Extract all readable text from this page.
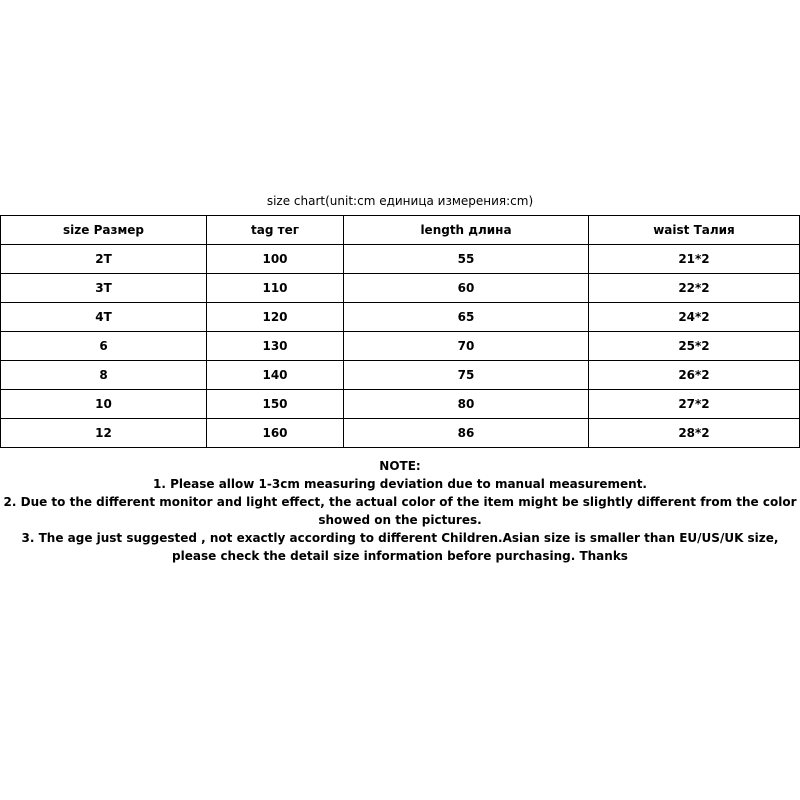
size chart(unit:cm единица измерения:cm)
size Размер	tag тег	length длина	waist Талия
2T	100	55	21*2
3T	110	60	22*2
4T	120	65	24*2
6	130	70	25*2
8	140	75	26*2
10	150	80	27*2
12	160	86	28*2

NOTE:

1. Please allow 1-3cm measuring deviation due to manual measurement.

2. Due to the different monitor and light effect, the actual color of the item might be slightly different from the color showed on the pictures.

3. The age just suggested , not exactly according to different Children.Asian size is smaller than EU/US/UK size, please check the detail size information before purchasing. Thanks
